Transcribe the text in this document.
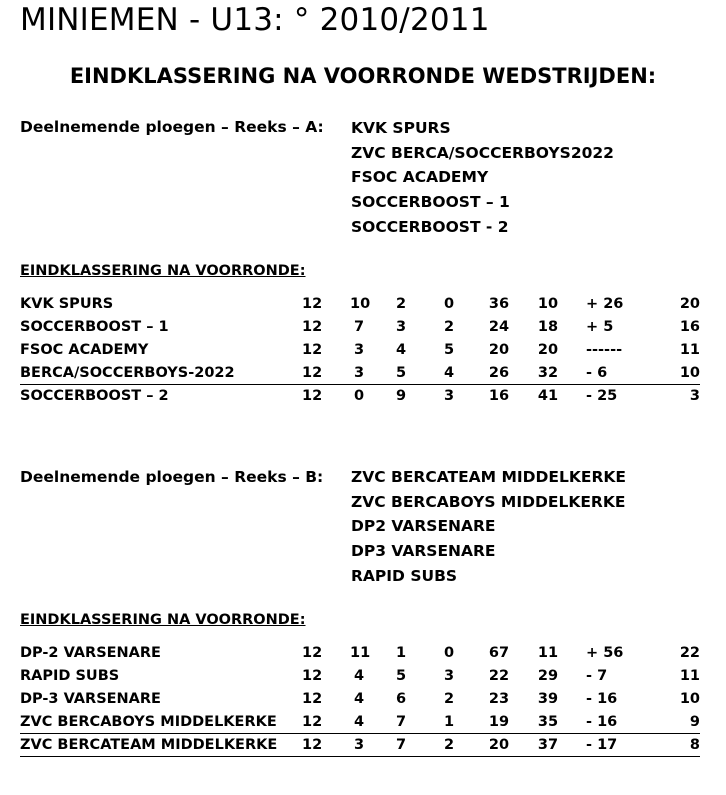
MINIEMEN - U13: ° 2010/2011
EINDKLASSERING NA VOORRONDE WEDSTRIJDEN:
Deelnemende ploegen – Reeks – A: KVK SPURS
ZVC BERCA/SOCCERBOYS2022
FSOC ACADEMY
SOCCERBOOST – 1
SOCCERBOOST - 2
EINDKLASSERING NA VOORRONDE:
KVK SPURS	12 10 2	0 36 10 + 26	20
SOCCERBOOST – 1	12 7 3	2 24 18 + 5	16
FSOC ACADEMY	12 3 4	5 20 20 ------	11
BERCA/SOCCERBOYS-2022	12 3 5	4 26 32 - 6	10
SOCCERBOOST – 2	12 0 9	3 16 41 - 25	3
Deelnemende ploegen – Reeks – B: ZVC BERCATEAM MIDDELKERKE
ZVC BERCABOYS MIDDELKERKE
DP2 VARSENARE
DP3 VARSENARE
RAPID SUBS
EINDKLASSERING NA VOORRONDE:
DP-2 VARSENARE	12 11 1	0 67 11 + 56	22
RAPID SUBS	12 4 5	3 22 29 - 7	11
DP-3 VARSENARE	12 4 6	2 23 39 - 16	10
ZVC BERCABOYS MIDDELKERKE 12 4 7	1 19 35 - 16	9
ZVC BERCATEAM MIDDELKERKE 12 3 7	2 20 37 - 17	8
